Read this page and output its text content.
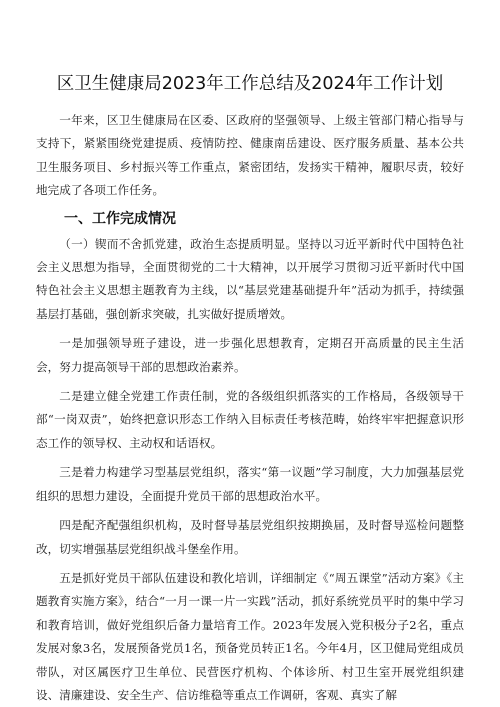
区卫生健康局2023年工作总结及2024年工作计划

一年来，区卫生健康局在区委、区政府的坚强领导、上级主管部门精心指导与支持下，紧紧围绕党建提质、疫情防控、健康南岳建设、医疗服务质量、基本公共卫生服务项目、乡村振兴等工作重点，紧密团结，发扬实干精神，履职尽责，较好地完成了各项工作任务。

一、工作完成情况

（一）锲而不舍抓党建，政治生态提质明显。坚持以习近平新时代中国特色社会主义思想为指导，全面贯彻党的二十大精神，以开展学习贯彻习近平新时代中国特色社会主义思想主题教育为主线，以“基层党建基础提升年”活动为抓手，持续强基层打基础，强创新求突破，扎实做好提质增效。

一是加强领导班子建设，进一步强化思想教育，定期召开高质量的民主生活会，努力提高领导干部的思想政治素养。

二是建立健全党建工作责任制，党的各级组织抓落实的工作格局，各级领导干部“一岗双责”，始终把意识形态工作纳入目标责任考核范畴，始终牢牢把握意识形态工作的领导权、主动权和话语权。

三是着力构建学习型基层党组织，落实“第一议题”学习制度，大力加强基层党组织的思想力建设，全面提升党员干部的思想政治水平。

四是配齐配强组织机构，及时督导基层党组织按期换届，及时督导巡检问题整改，切实增强基层党组织战斗堡垒作用。

五是抓好党员干部队伍建设和教化培训，详细制定《“周五课堂”活动方案》《主题教育实施方案》，结合“一月一课一片一实践”活动，抓好系统党员平时的集中学习和教育培训，做好党组织后备力量培育工作。2023年发展入党积极分子2名，重点发展对象3名，发展预备党员1名，预备党员转正1名。今年4月，区卫健局党组成员带队，对区属医疗卫生单位、民营医疗机构、个体诊所、村卫生室开展党组织建设、清廉建设、安全生产、信访维稳等重点工作调研，客观、真实了解
